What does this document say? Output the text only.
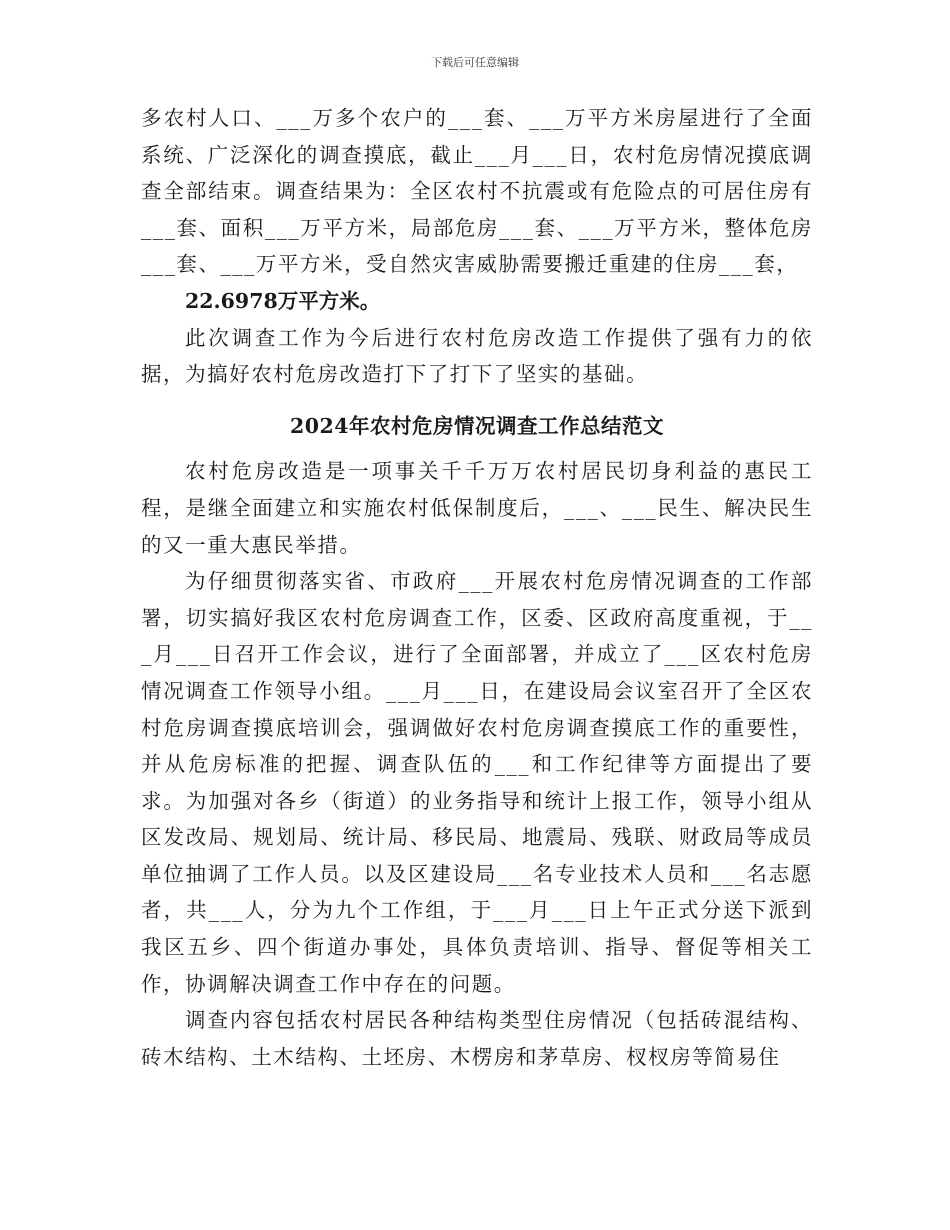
下载后可任意编辑

多农村人口、___万多个农户的___套、___万平方米房屋进行了全面系统、广泛深化的调查摸底，截止___月___日，农村危房情况摸底调查全部结束。调查结果为：全区农村不抗震或有危险点的可居住房有___套、面积___万平方米，局部危房___套、___万平方米，整体危房___套、___万平方米，受自然灾害威胁需要搬迁重建的住房___套，

22.6978万平方米。

此次调查工作为今后进行农村危房改造工作提供了强有力的依据，为搞好农村危房改造打下了打下了坚实的基础。

2024年农村危房情况调查工作总结范文

农村危房改造是一项事关千千万万农村居民切身利益的惠民工程，是继全面建立和实施农村低保制度后，___、___民生、解决民生的又一重大惠民举措。

为仔细贯彻落实省、市政府___开展农村危房情况调查的工作部署，切实搞好我区农村危房调查工作，区委、区政府高度重视，于___月___日召开工作会议，进行了全面部署，并成立了___区农村危房情况调查工作领导小组。___月___日，在建设局会议室召开了全区农村危房调查摸底培训会，强调做好农村危房调查摸底工作的重要性，并从危房标准的把握、调查队伍的___和工作纪律等方面提出了要求。为加强对各乡（街道）的业务指导和统计上报工作，领导小组从区发改局、规划局、统计局、移民局、地震局、残联、财政局等成员单位抽调了工作人员。以及区建设局___名专业技术人员和___名志愿者，共___人，分为九个工作组，于___月___日上午正式分送下派到我区五乡、四个街道办事处，具体负责培训、指导、督促等相关工作，协调解决调查工作中存在的问题。

调查内容包括农村居民各种结构类型住房情况（包括砖混结构、砖木结构、土木结构、土坯房、木楞房和茅草房、杈杈房等简易住
